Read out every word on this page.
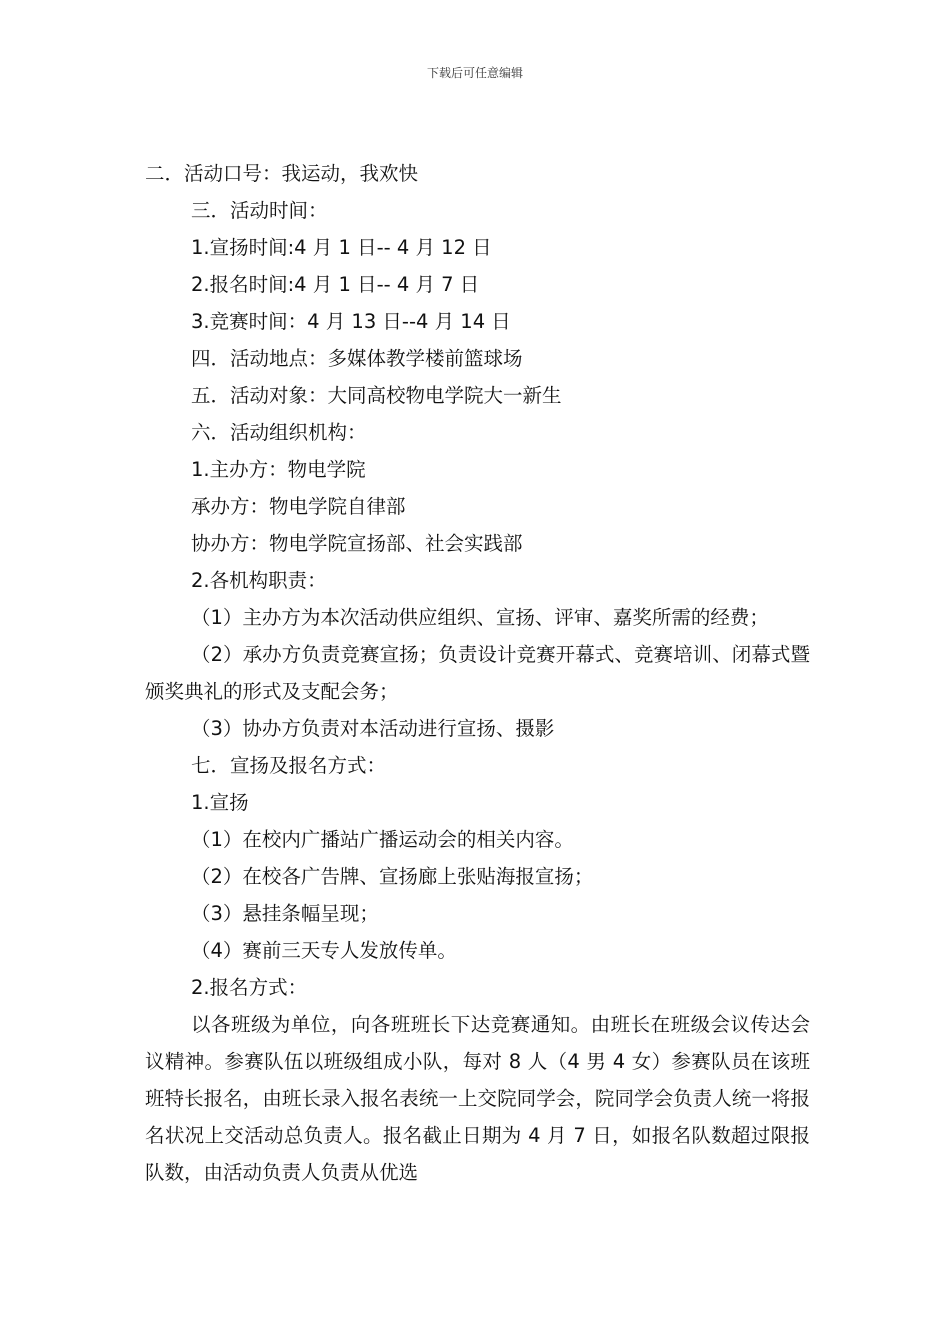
下载后可任意编辑

二．活动口号：我运动，我欢快

三．活动时间：

1.宣扬时间:4 月 1 日-- 4 月 12 日

2.报名时间:4 月 1 日-- 4 月 7 日

3.竞赛时间：4 月 13 日--4 月 14 日

四．活动地点：多媒体教学楼前篮球场

五．活动对象：大同高校物电学院大一新生

六．活动组织机构：

1.主办方：物电学院

承办方：物电学院自律部

协办方：物电学院宣扬部、社会实践部

2.各机构职责：

（1）主办方为本次活动供应组织、宣扬、评审、嘉奖所需的经费；

（2）承办方负责竞赛宣扬；负责设计竞赛开幕式、竞赛培训、闭幕式暨颁奖典礼的形式及支配会务；

（3）协办方负责对本活动进行宣扬、摄影

七．宣扬及报名方式：

1.宣扬

（1）在校内广播站广播运动会的相关内容。

（2）在校各广告牌、宣扬廊上张贴海报宣扬；

（3）悬挂条幅呈现；

（4）赛前三天专人发放传单。

2.报名方式：

以各班级为单位，向各班班长下达竞赛通知。由班长在班级会议传达会议精神。参赛队伍以班级组成小队，每对 8 人（4 男 4 女）参赛队员在该班班特长报名，由班长录入报名表统一上交院同学会，院同学会负责人统一将报名状况上交活动总负责人。报名截止日期为 4 月 7 日，如报名队数超过限报队数，由活动负责人负责从优选
